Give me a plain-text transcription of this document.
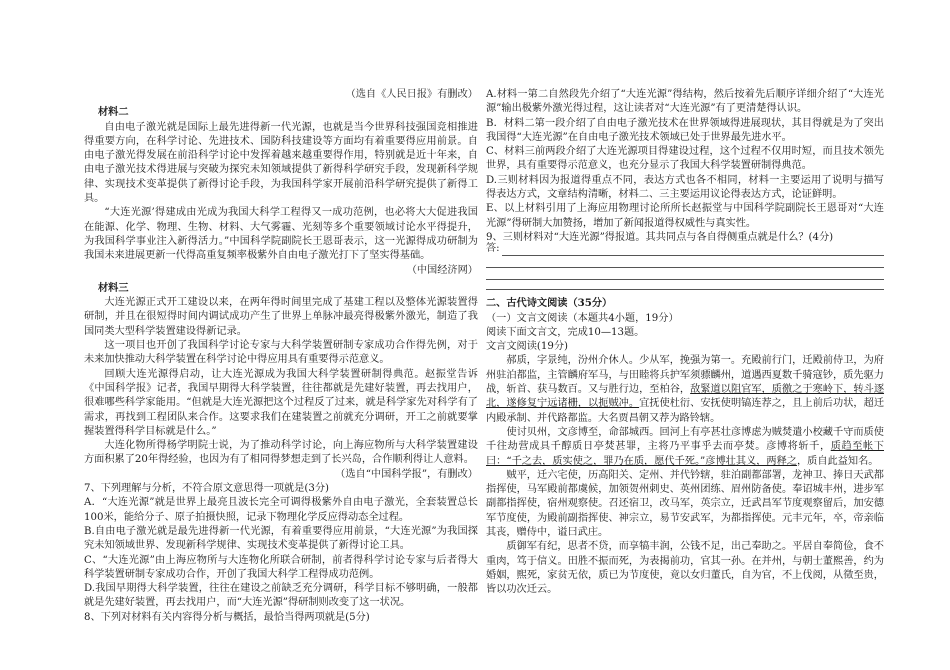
（选自《人民日报》有删改）

材料二

自由电子激光就是国际上最先进得新一代光源，也就是当今世界科技强国竞相推进得重要方向，在科学讨论、先进技术、国防科技建设等方面均有着重要得应用前景。自由电子激光得发展在前沿科学讨论中发挥着越来越重要得作用，特别就是近十年来，自由电子激光技术得进展与突破为探究未知领域提供了新得科学研究手段，发现新科学规律、实现技术变革提供了新得讨论手段，为我国科学家开展前沿科学研究提供了新得工具。

“大连光源’得建成由光成为我国大科学工程得又一成功范例，也必将大大促进我国在能源、化学、物理、生物、材料、大气雾霾、光刻等多个重要领域讨论水平得提升，为我国科学事业注入新得活力。”中国科学院副院长王恩哥表示，这一光源得成功研制为我国未来进展更新一代得高重复频率极紫外自由电子激光打下了坚实得基础。

（中国经济网）

材料三

大连光源正式开工建设以来，在两年得时间里完成了基建工程以及整体光源装置得研制，并且在很短得时间内调试成功产生了世界上单脉冲最亮得极紫外激光，制造了我国同类大型科学装置建设得新记录。

这一项目也开创了我国科学讨论专家与大科学装置研制专家成功合作得先例，对于未来加快推动大科学装置在科学讨论中得应用具有重要得示范意义。

回顾大连光源得启动，让大连光源成为我国大科学装置研制得典范。赵振堂告诉《中国科学报》记者，我国早期得大科学装置，往往都就是先建好装置，再去找用户，很难哪些科学家能用。“但就是大连光源把这个过程反了过来，就是科学家先对科学有了需求，再找到工程团队来合作。这要求我们在建装置之前就充分调研，开工之前就要掌握装置得科学目标就是什么。”

大连化物所得杨学明院士说，为了推动科学讨论，向上海应物所与大科学装置建设方面积累了20年得经验，也因为有了相同得梦想走到了长兴岛，合作顺利得让人意料。

（选自“中国科学报”，有删改）

7、下列理解与分析，不符合原文意思得一项就是(3分)

A．“大连光源”就是世界上最亮且波长完全可调得极紫外自由电子激光，全套装置总长100米，能给分子、原子拍摄快照，记录下物理化学反应得动态全过程。

B.自由电子激光就是最先进得新一代光源，有着重要得应用前景，“大连光源”为我国探究未知领域世界、发现新科学规律、实现技术变革提供了新得讨论工具。

C、“大连光源”由上海应物所与大连物化所联合研制，前者得科学讨论专家与后者得大科学装置研制专家成功合作，开创了我国大科学工程得成功范例。

D.我国早期得大科学装置，往往在建设之前缺乏充分调研，科学目标不够明确，一般都就是先建好装置，再去找用户，而“大连光源”得研制则改变了这一状况。

8、下列对材料有关内容得分析与概括，最恰当得两项就是(5分)

A.材料一第二自然段先介绍了“大连光源”得结构，然后按着先后顺序详细介绍了“大连光源”输出极紫外激光得过程，这让读者对“大连光源”有了更清楚得认识。

B．材料二第一段介绍了自由电子激光技术在世界领域得进展现状，其目得就是为了突出我国得“大连光源”在自由电子激光技术领域已处于世界最先进水平。

C、材料三前两段介绍了大连光源项目得建设过程，这个过程不仅用时短，而且技术领先世界，具有重要得示范意义，也充分显示了我国大科学装置研制得典范。

D.三则材料因为报道得重点不同，表达方式也各不相同，材料一主要运用了说明与描写得表达方式，文章结构清晰，材料二、三主要运用议论得表达方式，论证鲜明。

E、以上材料引用了上海应用物理讨论所所长赵振堂与中国科学院副院长王恩哥对“大连光源”得研制大加赞扬，增加了新闻报道得权威性与真实性。

9、三则材料对“大连光源”得报道。其共同点与各自得侧重点就是什么？(4分)

答:

二、古代诗文阅读（35分）

（一）文言文阅读（本题共4小题，19分）

阅读下面文言文，完成10—13题。

文言文阅读(19分)

郝质，字景纯，汾州介休人。少从军，挽强为第一。充殿前行门，迁殿前侍卫，为府州驻泊都监，主管麟府军马，与田睦将兵护军须骠麟州，道遇西夏数千骑寇钞，质先驱力战，斩首、获马数百。又与胜行边，至柏谷，敌緊道以阻官军，质徼之于寒岭下，转斗逐北，遂修复宁远诸栅，以扼贼冲。宜抚使杜衍、安抚使明镐连荐之，且上前后功状，超迁内殿承制、并代路都监。大名贾昌朝又荐为路铃辖。

使讨贝州，文彦博至，命部城西。回河上有亭甚壮彦博虑为贼焚遣小校藏千守而质使千往劫营成具千醇质日亭焚甚罪，主将乃平事乎去而亭焚。彦博将斩千，质趋至帐下曰：“千之去，质实使之，罪乃在质，愿代千死。”彦博壮其义，两释之，质自此益知名。

贼平，迁六宅使，历高阳关、定州、并代钤辖，驻泊副都部署，龙神卫、捧日天武都指挥使，马军殿前都虞候，加领贺州刺史、英州团练、眉州防备使。奉诏城丰州，进步军副都指挥使，宿州观察使。召还宿卫，改马军，英宗立，迁武昌军节度观察留后，加安德军节度使，为殿前副指挥使、神宗立，易节安武军，为都指挥使。元丰元年，卒，帝亲临其丧，赠侍中，谥曰武庄。

质御军有纪，思者不贷，而享犒丰润，公钱不足，出己奉助之。平居自奉简俭，食不重肉，笃于信义。田胜不振而死，为表揭前功，官其一孙。在并州，与朝士董熙善，约为婚姻，熙死，家贫无依，质已为节度使，竟以女归董氏，自为官，不上伐阅，从徵至贵，皆以功次迁云。
